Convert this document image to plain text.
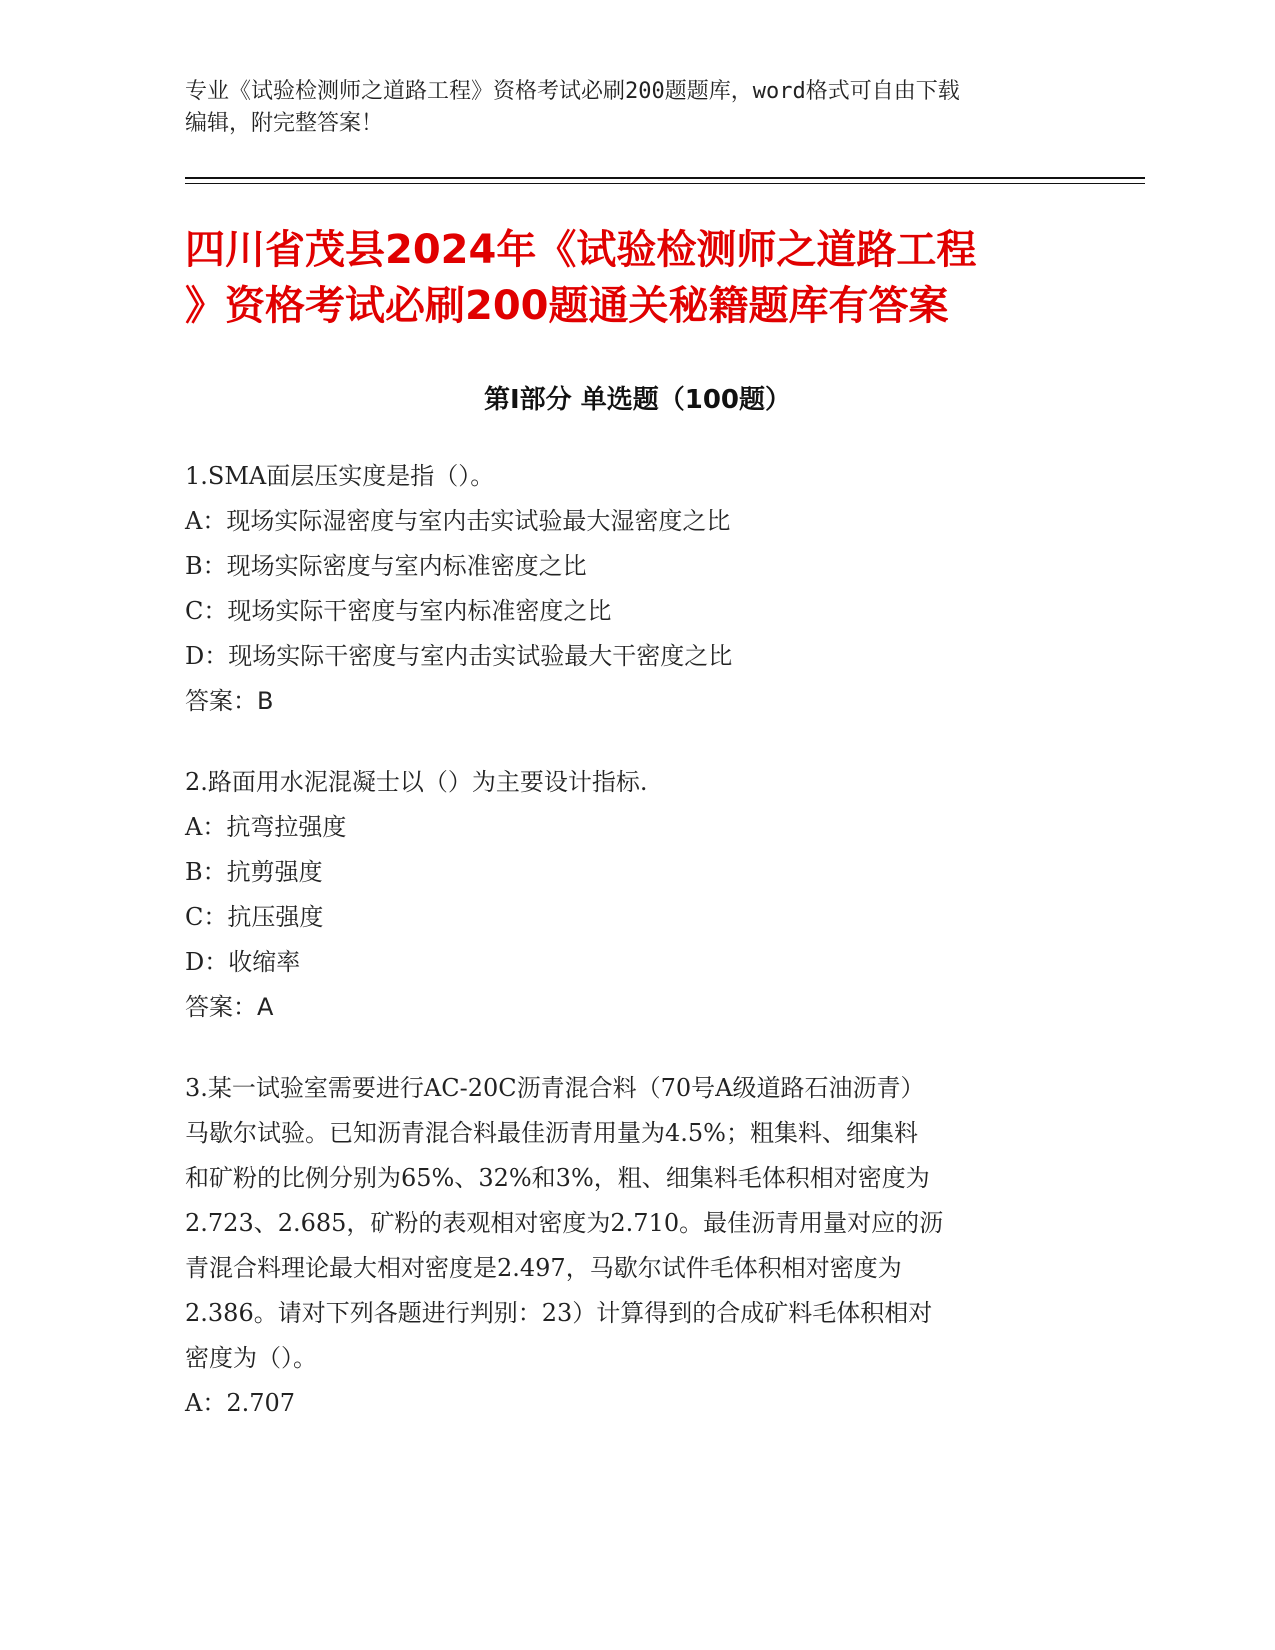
专业《试验检测师之道路工程》资格考试必刷200题题库，word格式可自由下载
编辑，附完整答案！
四川省茂县2024年《试验检测师之道路工程
》资格考试必刷200题通关秘籍题库有答案
第I部分 单选题（100题）

1.SMA面层压实度是指（）。

A：现场实际湿密度与室内击实试验最大湿密度之比

B：现场实际密度与室内标准密度之比

C：现场实际干密度与室内标准密度之比

D：现场实际干密度与室内击实试验最大干密度之比

答案：B

2.路面用水泥混凝士以（）为主要设计指标.

A：抗弯拉强度

B：抗剪强度

C：抗压强度

D：收缩率

答案：A

3.某一试验室需要进行AC-20C沥青混合料（70号A级道路石油沥青）

马歇尔试验。已知沥青混合料最佳沥青用量为4.5%；粗集料、细集料

和矿粉的比例分别为65%、32%和3%，粗、细集料毛体积相对密度为

2.723、2.685，矿粉的表观相对密度为2.710。最佳沥青用量对应的沥

青混合料理论最大相对密度是2.497，马歇尔试件毛体积相对密度为

2.386。请对下列各题进行判别：23）计算得到的合成矿料毛体积相对

密度为（）。

A：2.707
